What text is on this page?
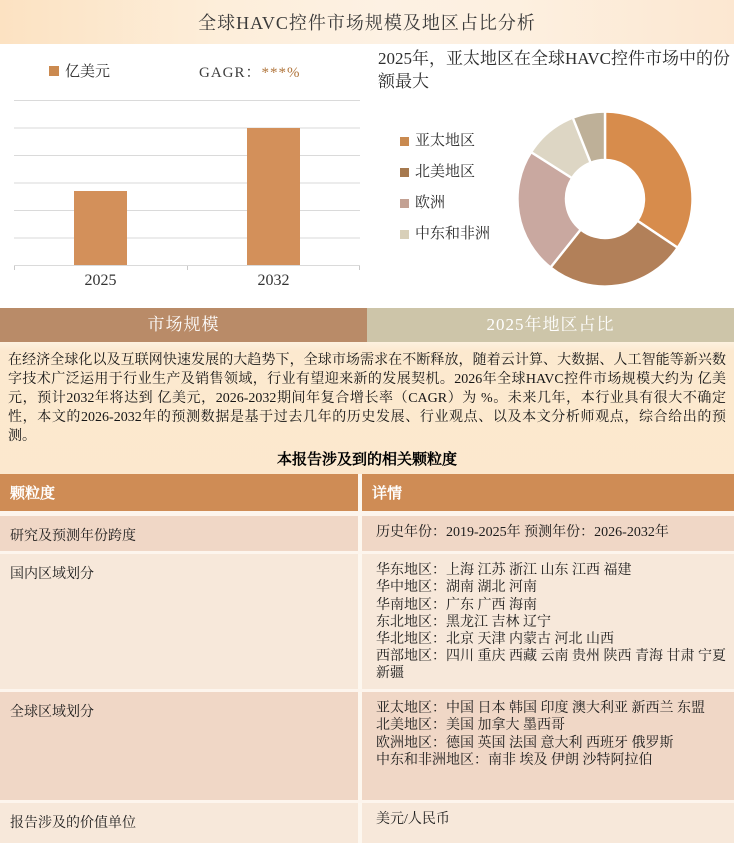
全球HAVC控件市场规模及地区占比分析
亿美元	GAGR：***%
2025	2032
2025年，亚太地区在全球HAVC控件市场中的份额最大
亚太地区
北美地区
欧洲
中东和非洲
市场规模	2025年地区占比
在经济全球化以及互联网快速发展的大趋势下，全球市场需求在不断释放，随着云计算、大数据、人工智能等新兴数字技术广泛运用于行业生产及销售领域，行业有望迎来新的发展契机。2026年全球HAVC控件市场规模大约为 亿美元，预计2032年将达到 亿美元，2026-2032期间年复合增长率（CAGR）为 %。未来几年，本行业具有很大不确定性，本文的2026-2032年的预测数据是基于过去几年的历史发展、行业观点、以及本文分析师观点，综合给出的预测。
本报告涉及到的相关颗粒度
颗粒度	详情
研究及预测年份跨度	历史年份：2019-2025年 预测年份：2026-2032年
国内区域划分	华东地区：上海 江苏 浙江 山东 江西 福建
华中地区：湖南 湖北 河南
华南地区：广东 广西 海南
东北地区：黑龙江 吉林 辽宁
华北地区：北京 天津 内蒙古 河北 山西
西部地区：四川 重庆 西藏 云南 贵州 陕西 青海 甘肃 宁夏 新疆
全球区域划分	亚太地区：中国 日本 韩国 印度 澳大利亚 新西兰 东盟
北美地区：美国 加拿大 墨西哥
欧洲地区：德国 英国 法国 意大利 西班牙 俄罗斯
中东和非洲地区：南非 埃及 伊朗 沙特阿拉伯
报告涉及的价值单位	美元/人民币
